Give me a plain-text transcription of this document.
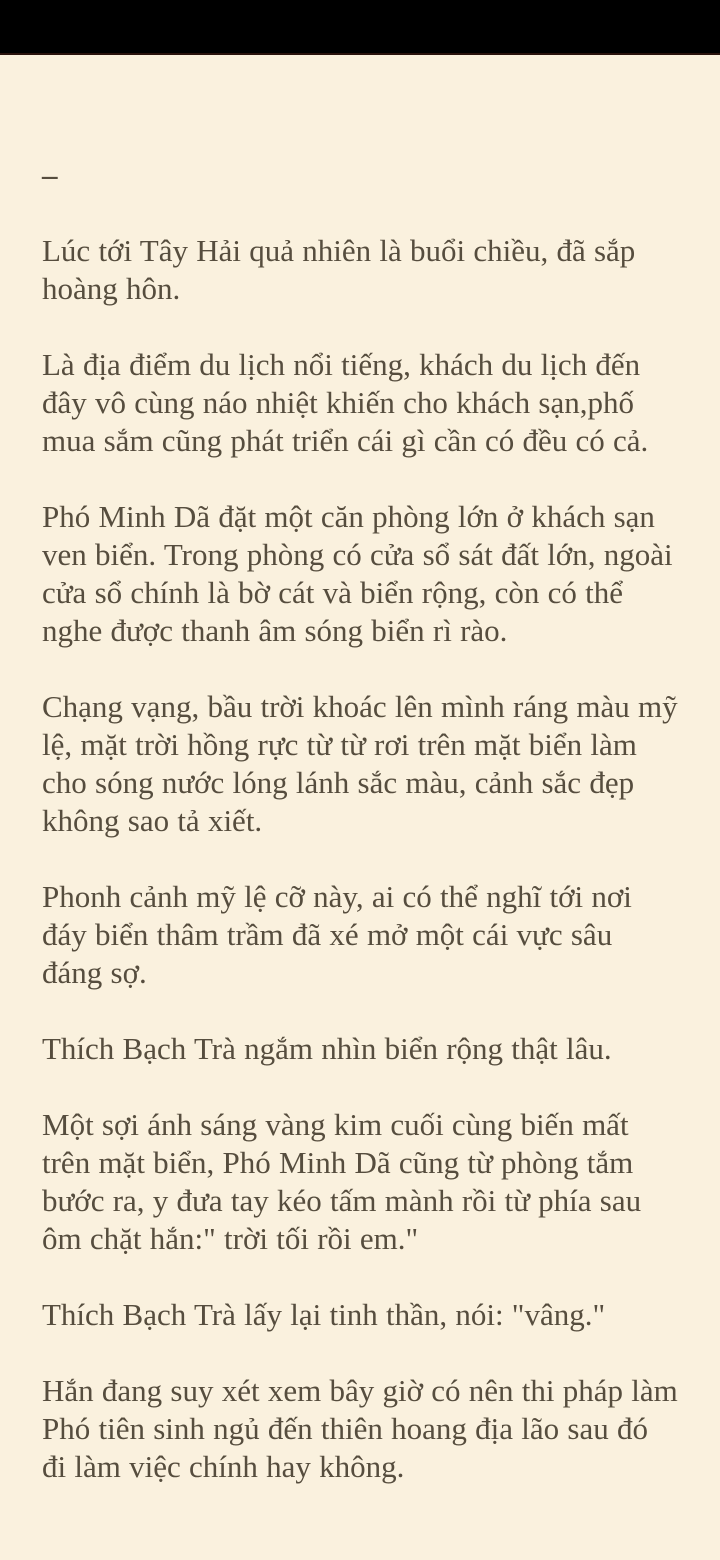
–

Lúc tới Tây Hải quả nhiên là buổi chiều, đã sắp hoàng hôn.

Là địa điểm du lịch nổi tiếng, khách du lịch đến đây vô cùng náo nhiệt khiến cho khách sạn,phố mua sắm cũng phát triển cái gì cần có đều có cả.

Phó Minh Dã đặt một căn phòng lớn ở khách sạn ven biển. Trong phòng có cửa sổ sát đất lớn, ngoài cửa sổ chính là bờ cát và biển rộng, còn có thể nghe được thanh âm sóng biển rì rào.

Chạng vạng, bầu trời khoác lên mình ráng màu mỹ lệ, mặt trời hồng rực từ từ rơi trên mặt biển làm cho sóng nước lóng lánh sắc màu, cảnh sắc đẹp không sao tả xiết.

Phonh cảnh mỹ lệ cỡ này, ai có thể nghĩ tới nơi đáy biển thâm trầm đã xé mở một cái vực sâu đáng sợ.

Thích Bạch Trà ngắm nhìn biển rộng thật lâu.

Một sợi ánh sáng vàng kim cuối cùng biến mất trên mặt biển, Phó Minh Dã cũng từ phòng tắm bước ra, y đưa tay kéo tấm mành rồi từ phía sau ôm chặt hắn:" trời tối rồi em."

Thích Bạch Trà lấy lại tinh thần, nói: "vâng."

Hắn đang suy xét xem bây giờ có nên thi pháp làm Phó tiên sinh ngủ đến thiên hoang địa lão sau đó đi làm việc chính hay không.
